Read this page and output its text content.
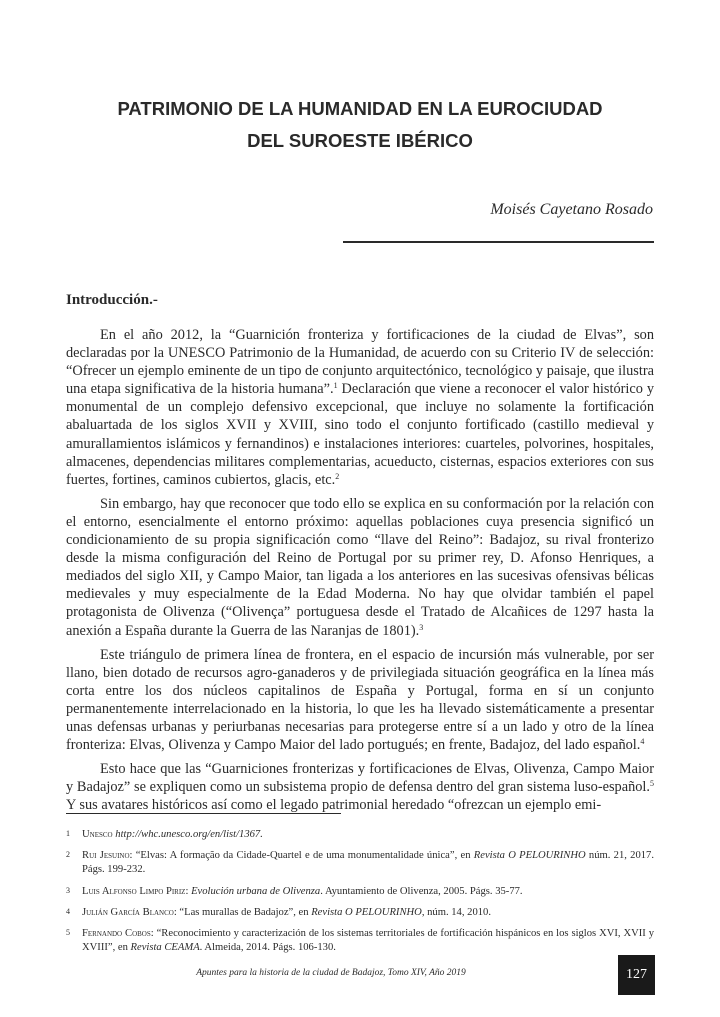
PATRIMONIO DE LA HUMANIDAD EN LA EUROCIUDAD
DEL SUROESTE IBÉRICO
Moisés Cayetano Rosado
Introducción.-

En el año 2012, la “Guarnición fronteriza y fortificaciones de la ciudad de Elvas”, son declaradas por la UNESCO Patrimonio de la Humanidad, de acuerdo con su Criterio IV de selección: “Ofrecer un ejemplo eminente de un tipo de conjunto arquitectónico, tecnológico y paisaje, que ilustra una etapa significativa de la historia humana”.$^1$ Declaración que viene a reconocer el valor histórico y monumental de un complejo defensivo excepcional, que incluye no solamente la fortificación abaluartada de los siglos XVII y XVIII, sino todo el conjunto fortificado (castillo medieval y amurallamientos islámicos y fernandinos) e instalaciones interiores: cuarteles, polvorines, hospitales, almacenes, dependencias militares complementarias, acueducto, cisternas, espacios exteriores con sus fuertes, fortines, caminos cubiertos, glacis, etc.$^2$

Sin embargo, hay que reconocer que todo ello se explica en su conformación por la relación con el entorno, esencialmente el entorno próximo: aquellas poblaciones cuya presencia significó un condicionamiento de su propia significación como “llave del Reino”: Badajoz, su rival fronterizo desde la misma configuración del Reino de Portugal por su primer rey, D. Afonso Henriques, a mediados del siglo XII, y Campo Maior, tan ligada a los anteriores en las sucesivas ofensivas bélicas medievales y muy especialmente de la Edad Moderna. No hay que olvidar también el papel protagonista de Olivenza (“Olivença” portuguesa desde el Tratado de Alcañices de 1297 hasta la anexión a España durante la Guerra de las Naranjas de 1801).$^3$

Este triángulo de primera línea de frontera, en el espacio de incursión más vulnerable, por ser llano, bien dotado de recursos agro-ganaderos y de privilegiada situación geográfica en la línea más corta entre los dos núcleos capitalinos de España y Portugal, forma en sí un conjunto permanentemente interrelacionado en la historia, lo que les ha llevado sistemáticamente a presentar unas defensas urbanas y periurbanas necesarias para protegerse entre sí a un lado y otro de la línea fronteriza: Elvas, Olivenza y Campo Maior del lado portugués; en frente, Badajoz, del lado español.$^4$

Esto hace que las “Guarniciones fronterizas y fortificaciones de Elvas, Olivenza, Campo Maior y Badajoz” se expliquen como un subsistema propio de defensa dentro del gran sistema luso-español.$^5$ Y sus avatares históricos así como el legado patrimonial heredado “ofrezcan un ejemplo emi-

1	Unesco http://whc.unesco.org/en/list/1367.
2	Rui Jesuino: “Elvas: A formação da Cidade-Quartel e de uma monumentalidade única”, en Revista O PELOURINHO núm. 21, 2017. Págs. 199-232.
3	Luis Alfonso Limpo Piriz: Evolución urbana de Olivenza. Ayuntamiento de Olivenza, 2005. Págs. 35-77.
4	Julián García Blanco: “Las murallas de Badajoz”, en Revista O PELOURINHO, núm. 14, 2010.
5	Fernando Cobos: “Reconocimiento y caracterización de los sistemas territoriales de fortificación hispánicos en los siglos XVI, XVII y XVIII”, en Revista CEAMA. Almeida, 2014. Págs. 106-130.
Apuntes para la historia de la ciudad de Badajoz, Tomo XIV, Año 2019	127
